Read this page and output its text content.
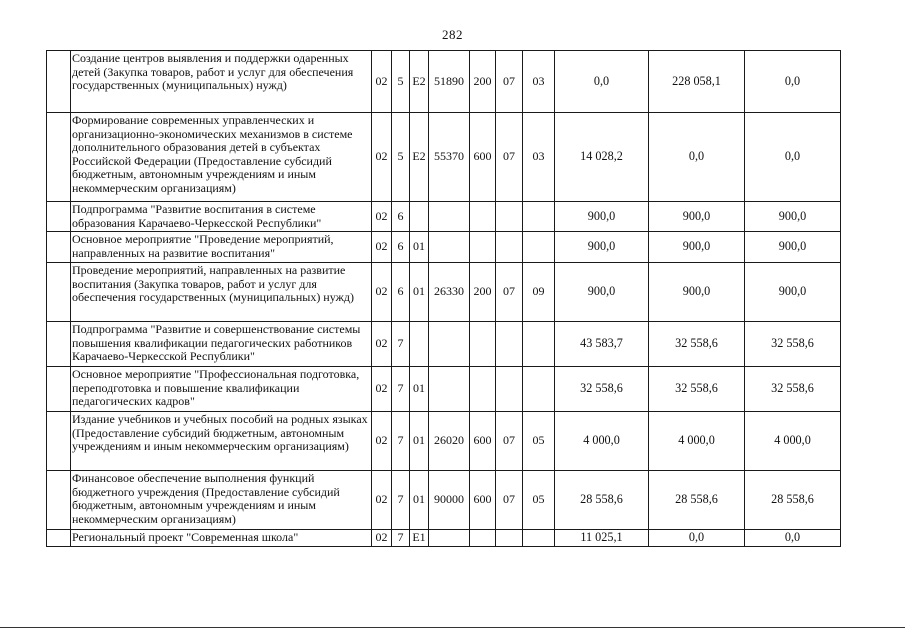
282
	Создание центров выявления и поддержки одаренных детей (Закупка товаров, работ и услуг для обеспечения государственных (муниципальных) нужд)	02	5	E2	51890	200	07	03	0,0	228 058,1	0,0
	Формирование современных управленческих и организационно-экономических механизмов в системе дополнительного образования детей в субъектах Российской Федерации (Предоставление субсидий бюджетным, автономным учреждениям и иным некоммерческим организациям)	02	5	E2	55370	600	07	03	14 028,2	0,0	0,0
	Подпрограмма "Развитие воспитания в системе образования Карачаево-Черкесской Республики"	02	6						900,0	900,0	900,0
	Основное мероприятие "Проведение мероприятий, направленных на развитие воспитания"	02	6	01					900,0	900,0	900,0
	Проведение мероприятий, направленных на развитие воспитания (Закупка товаров, работ и услуг для обеспечения государственных (муниципальных) нужд)	02	6	01	26330	200	07	09	900,0	900,0	900,0
	Подпрограмма "Развитие и совершенствование системы повышения квалификации педагогических работников Карачаево-Черкесской Республики"	02	7						43 583,7	32 558,6	32 558,6
	Основное мероприятие "Профессиональная подготовка, переподготовка и повышение квалификации педагогических кадров"	02	7	01					32 558,6	32 558,6	32 558,6
	Издание учебников и учебных пособий на родных языках (Предоставление субсидий бюджетным, автономным учреждениям и иным некоммерческим организациям)	02	7	01	26020	600	07	05	4 000,0	4 000,0	4 000,0
	Финансовое обеспечение выполнения функций бюджетного учреждения (Предоставление субсидий бюджетным, автономным учреждениям и иным некоммерческим организациям)	02	7	01	90000	600	07	05	28 558,6	28 558,6	28 558,6
	Региональный проект "Современная школа"	02	7	E1					11 025,1	0,0	0,0
